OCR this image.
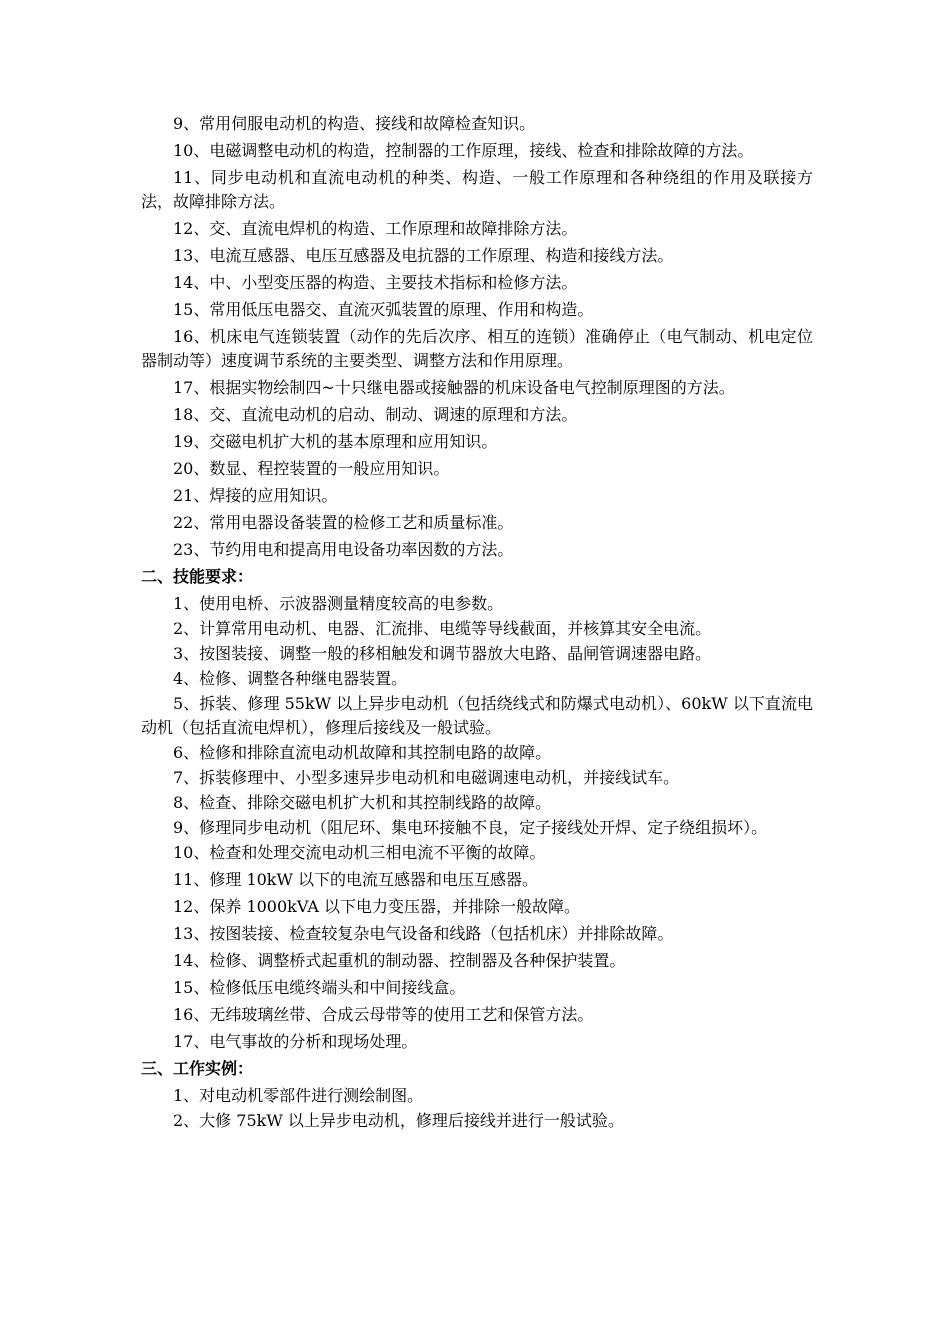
9、常用伺服电动机的构造、接线和故障检查知识。

10、电磁调整电动机的构造，控制器的工作原理，接线、检查和排除故障的方法。

11、同步电动机和直流电动机的种类、构造、一般工作原理和各种绕组的作用及联接方法，故障排除方法。

12、交、直流电焊机的构造、工作原理和故障排除方法。

13、电流互感器、电压互感器及电抗器的工作原理、构造和接线方法。

14、中、小型变压器的构造、主要技术指标和检修方法。

15、常用低压电器交、直流灭弧装置的原理、作用和构造。

16、机床电气连锁装置（动作的先后次序、相互的连锁）准确停止（电气制动、机电定位器制动等）速度调节系统的主要类型、调整方法和作用原理。

17、根据实物绘制四~十只继电器或接触器的机床设备电气控制原理图的方法。

18、交、直流电动机的启动、制动、调速的原理和方法。

19、交磁电机扩大机的基本原理和应用知识。

20、数显、程控装置的一般应用知识。

21、焊接的应用知识。

22、常用电器设备装置的检修工艺和质量标准。

23、节约用电和提高用电设备功率因数的方法。

二、技能要求：

1、使用电桥、示波器测量精度较高的电参数。

2、计算常用电动机、电器、汇流排、电缆等导线截面，并核算其安全电流。

3、按图装接、调整一般的移相触发和调节器放大电路、晶闸管调速器电路。

4、检修、调整各种继电器装置。

5、拆装、修理 55kW 以上异步电动机（包括绕线式和防爆式电动机）、60kW 以下直流电动机（包括直流电焊机），修理后接线及一般试验。

6、检修和排除直流电动机故障和其控制电路的故障。

7、拆装修理中、小型多速异步电动机和电磁调速电动机，并接线试车。

8、检查、排除交磁电机扩大机和其控制线路的故障。

9、修理同步电动机（阻尼环、集电环接触不良，定子接线处开焊、定子绕组损坏）。

10、检查和处理交流电动机三相电流不平衡的故障。

11、修理 10kW 以下的电流互感器和电压互感器。

12、保养 1000kVA 以下电力变压器，并排除一般故障。

13、按图装接、检查较复杂电气设备和线路（包括机床）并排除故障。

14、检修、调整桥式起重机的制动器、控制器及各种保护装置。

15、检修低压电缆终端头和中间接线盒。

16、无纬玻璃丝带、合成云母带等的使用工艺和保管方法。

17、电气事故的分析和现场处理。

三、工作实例：

1、对电动机零部件进行测绘制图。

2、大修 75kW 以上异步电动机，修理后接线并进行一般试验。
